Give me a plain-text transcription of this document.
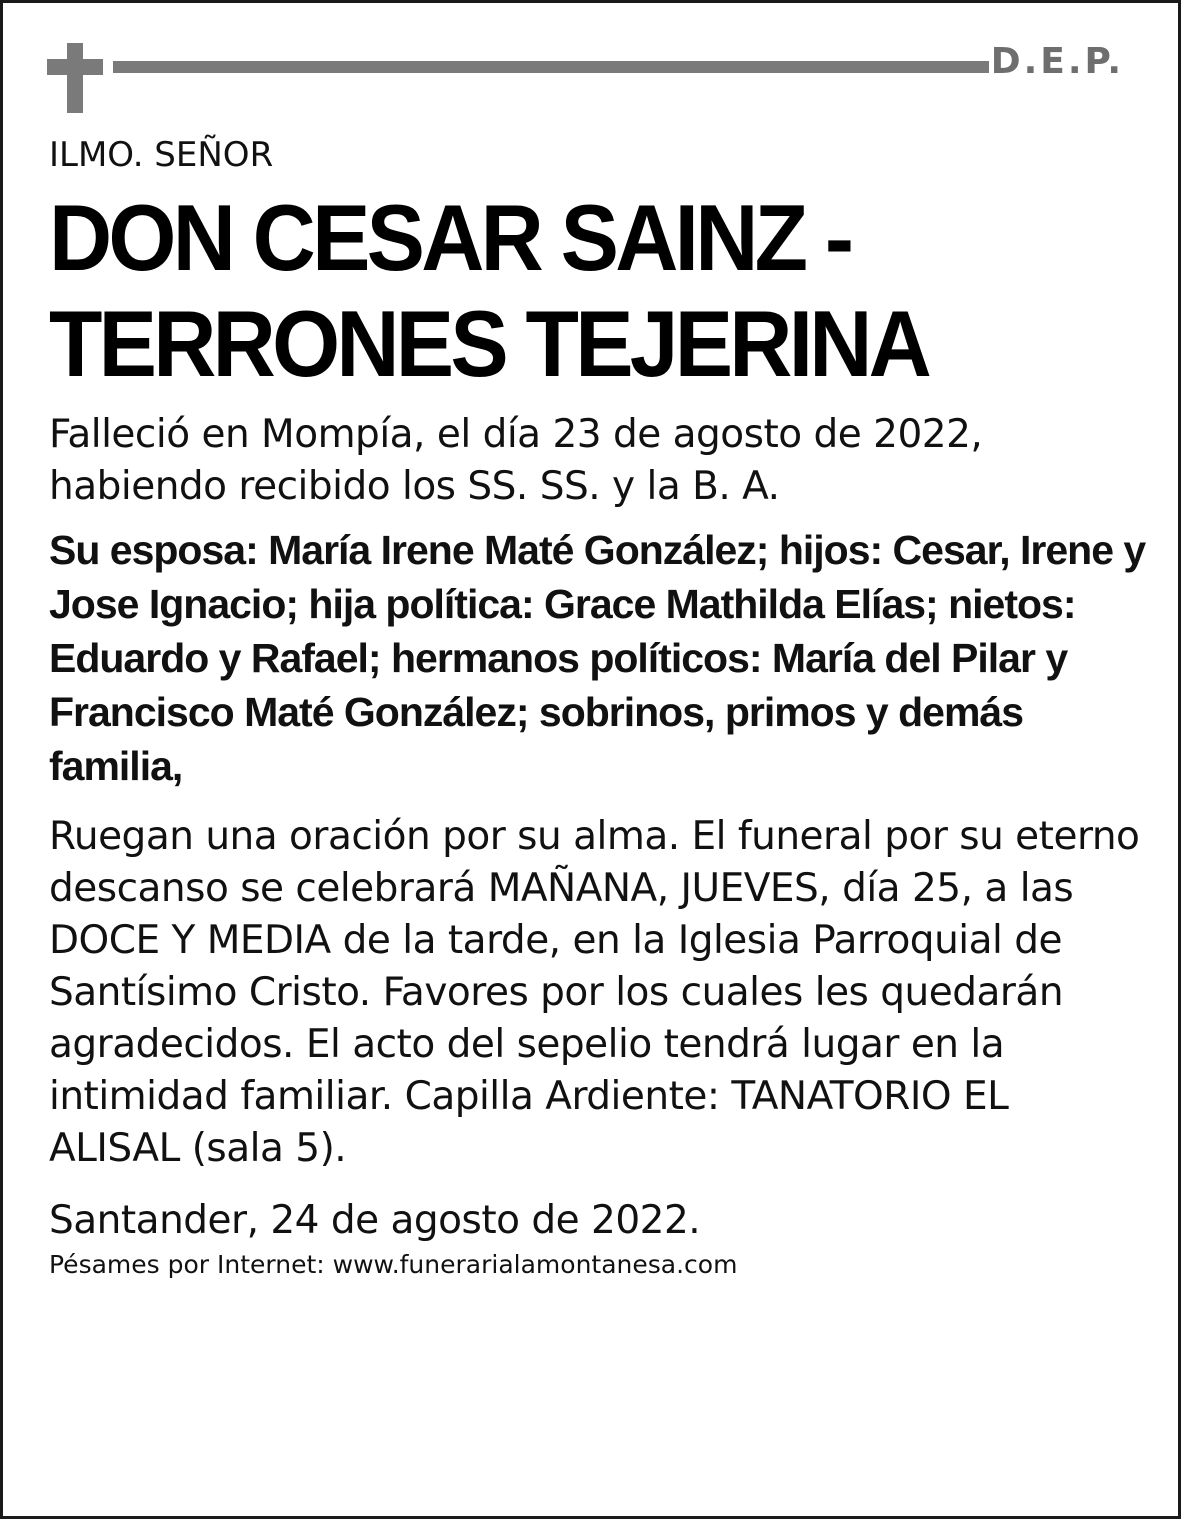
D.E.P.

ILMO. SEÑOR

DON CESAR SAINZ -
TERRONES TEJERINA

Falleció en Mompía, el día 23 de agosto de 2022, habiendo recibido los SS. SS. y la B. A.

Su esposa: María Irene Maté González; hijos: Cesar, Irene y Jose Ignacio; hija política: Grace Mathilda Elías; nietos: Eduardo y Rafael; hermanos políticos: María del Pilar y Francisco Maté González; sobrinos, primos y demás familia,

Ruegan una oración por su alma. El funeral por su eterno descanso se celebrará MAÑANA, JUEVES, día 25, a las DOCE Y MEDIA de la tarde, en la Iglesia Parroquial de Santísimo Cristo. Favores por los cuales les quedarán agradecidos. El acto del sepelio tendrá lugar en la intimidad familiar. Capilla Ardiente: TANATORIO EL ALISAL (sala 5).

Santander, 24 de agosto de 2022.

Pésames por Internet: www.funerarialamontanesa.com
